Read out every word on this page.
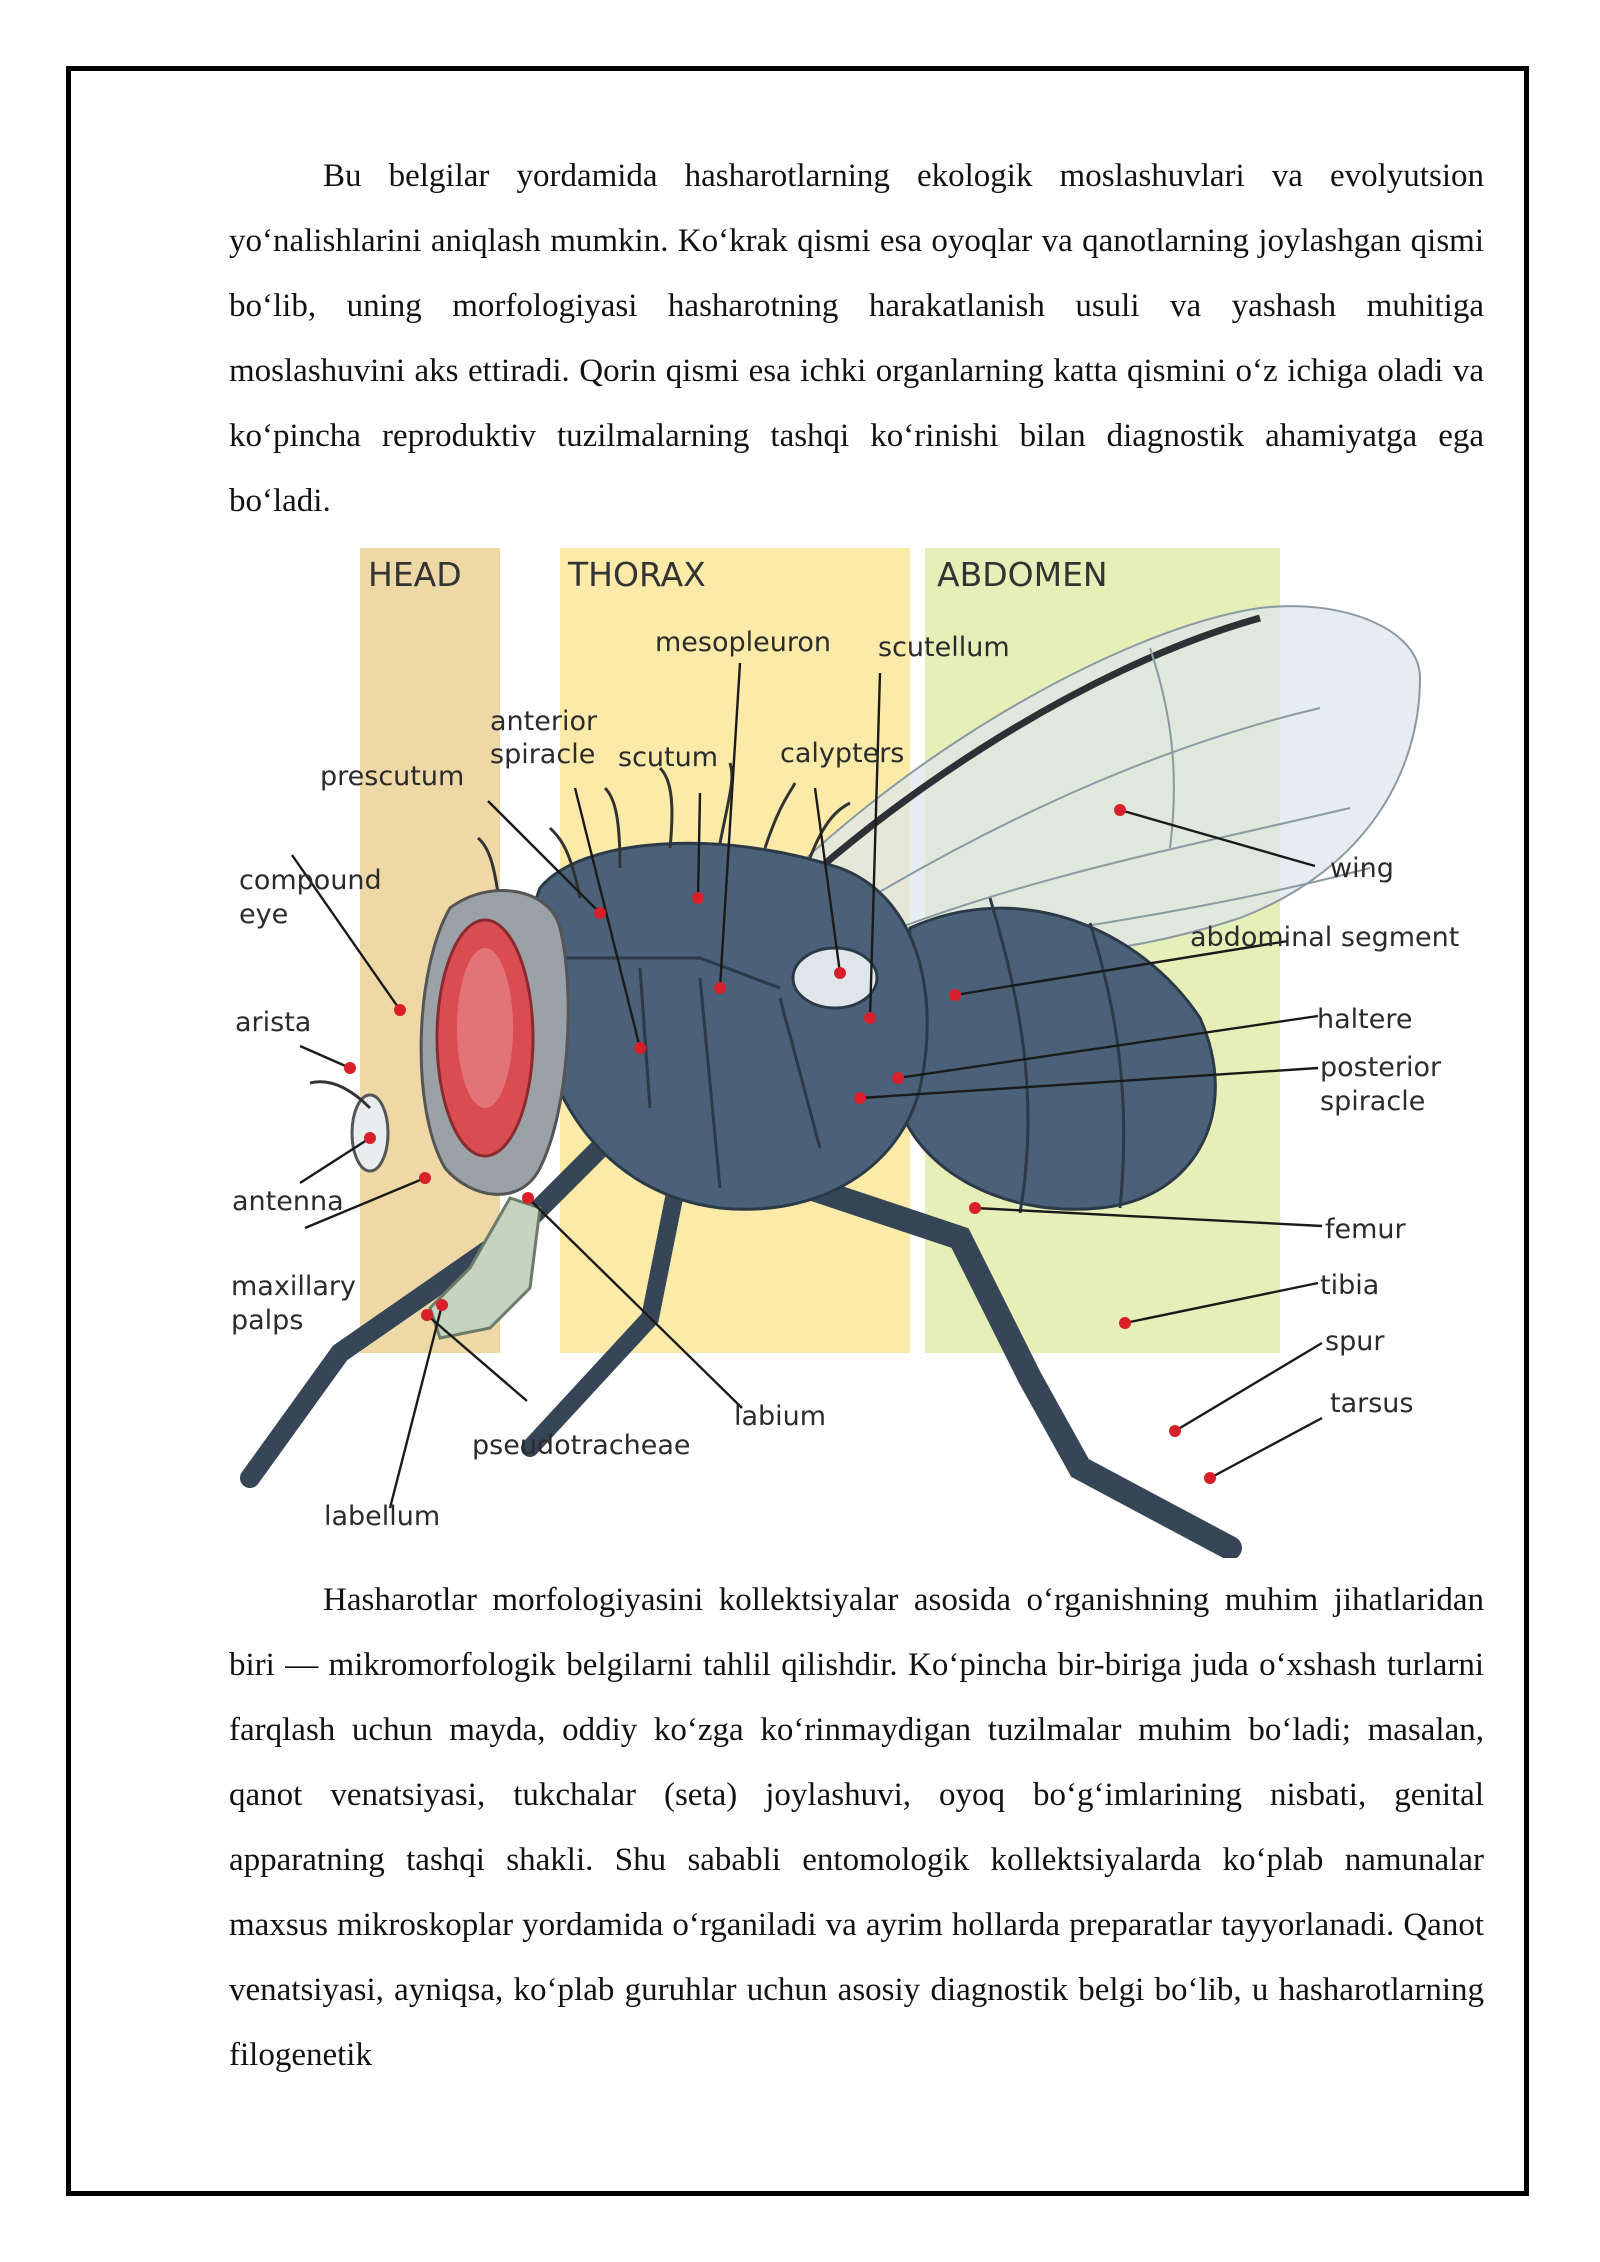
Bu belgilar yordamida hasharotlarning ekologik moslashuvlari va evolyutsion yo‘nalishlarini aniqlash mumkin. Ko‘krak qismi esa oyoqlar va qanotlarning joylashgan qismi bo‘lib, uning morfologiyasi hasharotning harakatlanish usuli va yashash muhitiga moslashuvini aks ettiradi. Qorin qismi esa ichki organlarning katta qismini o‘z ichiga oladi va ko‘pincha reproduktiv tuzilmalarning tashqi ko‘rinishi bilan diagnostik ahamiyatga ega bo‘ladi.

HEAD	THORAX	ABDOMEN
mesopleuron scutellum
anterior
spiracle scutum calypters
prescutum
compound
eye
wing
abdominal segment
arista	haltere
posterior
spiracle
antenna
femur
maxillary
palps
tibia
spur
tarsus
labium
pseudotracheae
labellum

Hasharotlar morfologiyasini kollektsiyalar asosida o‘rganishning muhim jihatlaridan biri — mikromorfologik belgilarni tahlil qilishdir. Ko‘pincha bir-biriga juda o‘xshash turlarni farqlash uchun mayda, oddiy ko‘zga ko‘rinmaydigan tuzilmalar muhim bo‘ladi; masalan, qanot venatsiyasi, tukchalar (seta) joylashuvi, oyoq bo‘g‘imlarining nisbati, genital apparatning tashqi shakli. Shu sababli entomologik kollektsiyalarda ko‘plab namunalar maxsus mikroskoplar yordamida o‘rganiladi va ayrim hollarda preparatlar tayyorlanadi. Qanot venatsiyasi, ayniqsa, ko‘plab guruhlar uchun asosiy diagnostik belgi bo‘lib, u hasharotlarning filogenetik
